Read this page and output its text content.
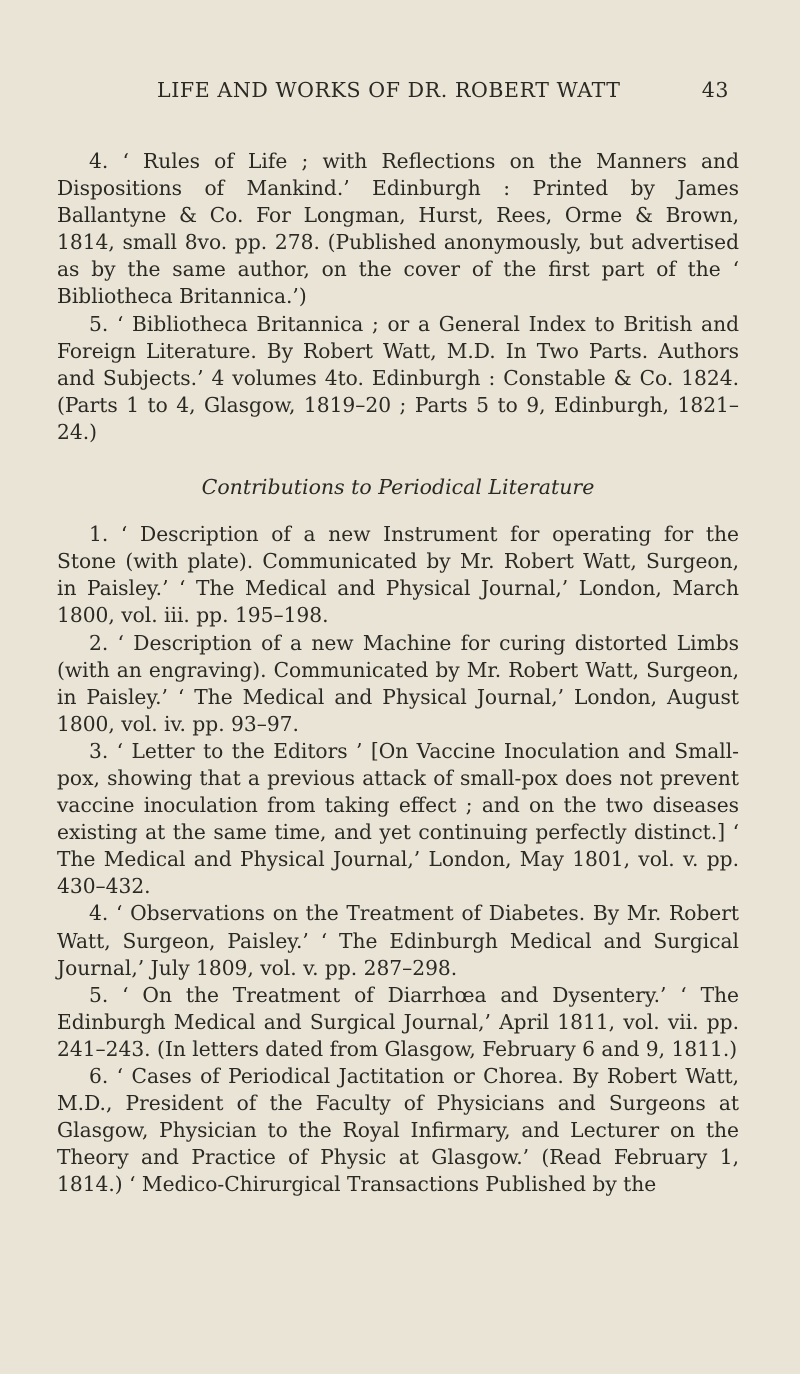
LIFE AND WORKS OF DR. ROBERT WATT	43

4. ‘ Rules of Life ; with Reflections on the Manners and Dispositions of Mankind.’ Edinburgh : Printed by James Ballantyne & Co. For Longman, Hurst, Rees, Orme & Brown, 1814, small 8vo. pp. 278. (Published anonymously, but advertised as by the same author, on the cover of the first part of the ‘ Bibliotheca Britannica.’)

5. ‘ Bibliotheca Britannica ; or a General Index to British and Foreign Literature. By Robert Watt, M.D. In Two Parts. Authors and Subjects.’ 4 volumes 4to. Edinburgh : Constable & Co. 1824. (Parts 1 to 4, Glasgow, 1819–20 ; Parts 5 to 9, Edinburgh, 1821–24.)

Contributions to Periodical Literature

1. ‘ Description of a new Instrument for operating for the Stone (with plate). Communicated by Mr. Robert Watt, Surgeon, in Paisley.’ ‘ The Medical and Physical Journal,’ London, March 1800, vol. iii. pp. 195–198.

2. ‘ Description of a new Machine for curing distorted Limbs (with an engraving). Communicated by Mr. Robert Watt, Surgeon, in Paisley.’ ‘ The Medical and Physical Journal,’ London, August 1800, vol. iv. pp. 93–97.

3. ‘ Letter to the Editors ’ [On Vaccine Inoculation and Small-pox, showing that a previous attack of small-pox does not prevent vaccine inoculation from taking effect ; and on the two diseases existing at the same time, and yet continuing perfectly distinct.] ‘ The Medical and Physical Journal,’ London, May 1801, vol. v. pp. 430–432.

4. ‘ Observations on the Treatment of Diabetes. By Mr. Robert Watt, Surgeon, Paisley.’ ‘ The Edinburgh Medical and Surgical Journal,’ July 1809, vol. v. pp. 287–298.

5. ‘ On the Treatment of Diarrhœa and Dysentery.’ ‘ The Edinburgh Medical and Surgical Journal,’ April 1811, vol. vii. pp. 241–243. (In letters dated from Glasgow, February 6 and 9, 1811.)

6. ‘ Cases of Periodical Jactitation or Chorea. By Robert Watt, M.D., President of the Faculty of Physicians and Surgeons at Glasgow, Physician to the Royal Infirmary, and Lecturer on the Theory and Practice of Physic at Glasgow.’ (Read February 1, 1814.) ‘ Medico-Chirurgical Transactions Published by the
